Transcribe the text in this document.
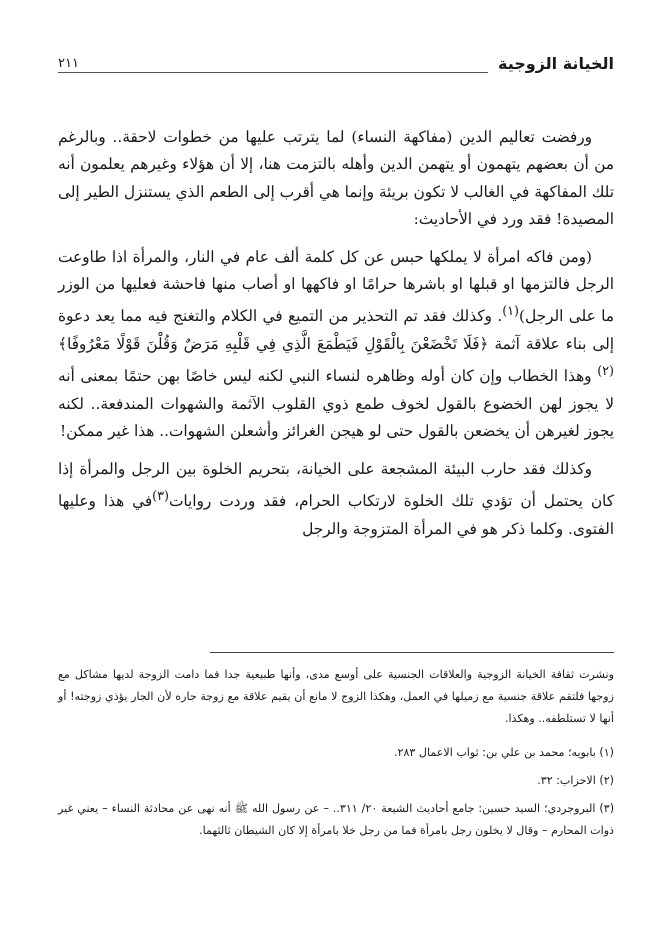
الخيانة الزوجية
٢١١

ورفضت تعاليم الدين (مفاكهة النساء) لما يترتب عليها من خطوات لاحقة.. وبالرغم من أن بعضهم يتهمون أو يتهمن الدين وأهله بالتزمت هنا، إلا أن هؤلاء وغيرهم يعلمون أنه تلك المفاكهة في الغالب لا تكون بريئة وإنما هي أقرب إلى الطعم الذي يستنزل الطير إلى المصيدة! فقد ورد في الأحاديث:

(ومن فاكه امرأة لا يملكها حبس عن كل كلمة ألف عام في النار، والمرأة اذا طاوعت الرجل فالتزمها او قبلها او باشرها حرامًا او فاكهها او أصاب منها فاحشة فعليها من الوزر ما على الرجل)$^{(١)}$. وكذلك فقد تم التحذير من التميع في الكلام والتغنج فيه مما يعد دعوة إلى بناء علاقة آثمة ﴿فَلَا تَخْضَعْنَ بِالْقَوْلِ فَيَطْمَعَ الَّذِي فِي قَلْبِهِ مَرَضٌ وَقُلْنَ قَوْلًا مَعْرُوفًا﴾$^{(٢)}$ وهذا الخطاب وإن كان أوله وظاهره لنساء النبي لكنه ليس خاصًا بهن حتمًا بمعنى أنه لا يجوز لهن الخضوع بالقول لخوف طمع ذوي القلوب الآثمة والشهوات المندفعة.. لكنه يجوز لغيرهن أن يخضعن بالقول حتى لو هيجن الغرائز وأشعلن الشهوات.. هذا غير ممكن!

وكذلك فقد حارب البيئة المشجعة على الخيانة، بتحريم الخلوة بين الرجل والمرأة إذا كان يحتمل أن تؤدي تلك الخلوة لارتكاب الحرام، فقد وردت روايات$^{(٣)}$في هذا وعليها الفتوى. وكلما ذكر هو في المرأة المتزوجة والرجل

ونشرت ثقافة الخيانة الزوجية والعلاقات الجنسية على أوسع مدى، وأنها طبيعية جدا فما دامت الزوجة لديها مشاكل مع زوجها فلتقم علاقة جنسية مع زميلها في العمل، وهكذا الزوج لا مانع أن يقيم علاقة مع زوجة جاره لأن الجار يؤذي زوجته! أو أنها لا تستلطفه.. وهكذا.

(١) بابويه؛ محمد بن علي بن: ثواب الاعمال ٢٨٣.

(٢) الاحزاب: ٣٢.

(٣) البروجردي؛ السيد حسين: جامع أحاديث الشيعة ٢٠/ ٣١١.. – عن رسول الله ﷺ أنه نهى عن محادثة النساء – يعني غير ذوات المحارم – وقال لا يخلون رجل بامرأة فما من رجل خلا بامرأة إلا كان الشيطان ثالثهما.
